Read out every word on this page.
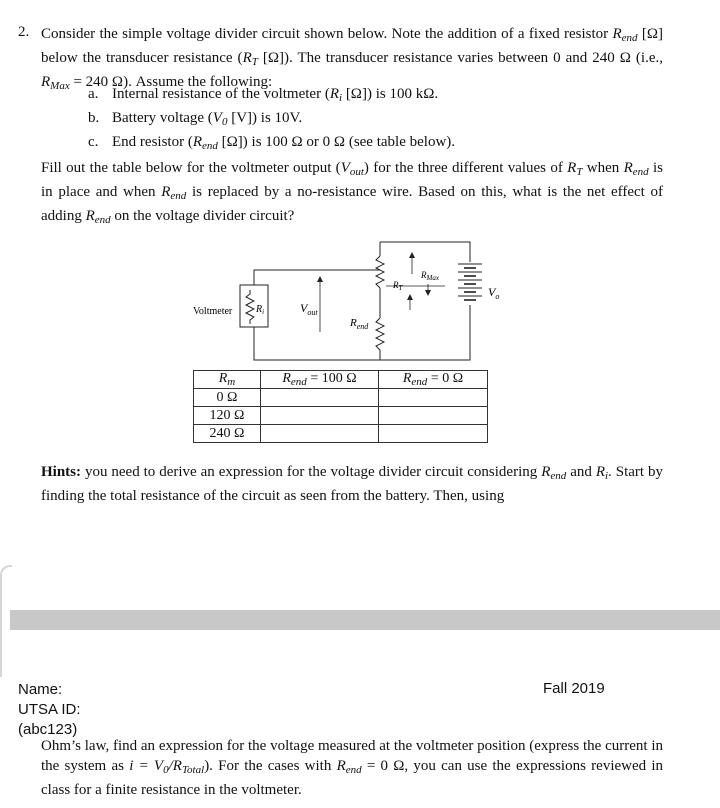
2. Consider the simple voltage divider circuit shown below. Note the addition of a fixed resistor $R_{end}$ [Ω] below the transducer resistance ($R_T$ [Ω]). The transducer resistance varies between 0 and 240 Ω (i.e., $R_{Max} = 240$ Ω). Assume the following:
a. Internal resistance of the voltmeter ($R_i$ [Ω]) is 100 kΩ.
b. Battery voltage ($V_0$ [V]) is 10V.
c. End resistor ($R_{end}$ [Ω]) is 100 Ω or 0 Ω (see table below).
Fill out the table below for the voltmeter output $(V_{out})$ for the three different values of $R_T$ when $R_{end}$ is in place and when $R_{end}$ is replaced by a no-resistance wire. Based on this, what is the net effect of adding $R_{end}$ on the voltage divider circuit?
Voltmeter $R_i$	$V_{out}$
$R_{end}$
$V_o$
$R_T$
$R_{Max}$
$R_m$	$R_{end} = 100$ Ω	$R_{end} = 0$ Ω
0 Ω		
120 Ω		
240 Ω		
Hints: you need to derive an expression for the voltage divider circuit considering $R_{end}$ and $R_i$. Start by finding the total resistance of the circuit as seen from the battery. Then, using
Name:
UTSA ID:
(abc123)
Fall 2019
Ohm’s law, find an expression for the voltage measured at the voltmeter position (express the current in the system as $i = V_0/R_{Total}$). For the cases with $R_{end} = 0$ Ω, you can use the expressions reviewed in class for a finite resistance in the voltmeter.
